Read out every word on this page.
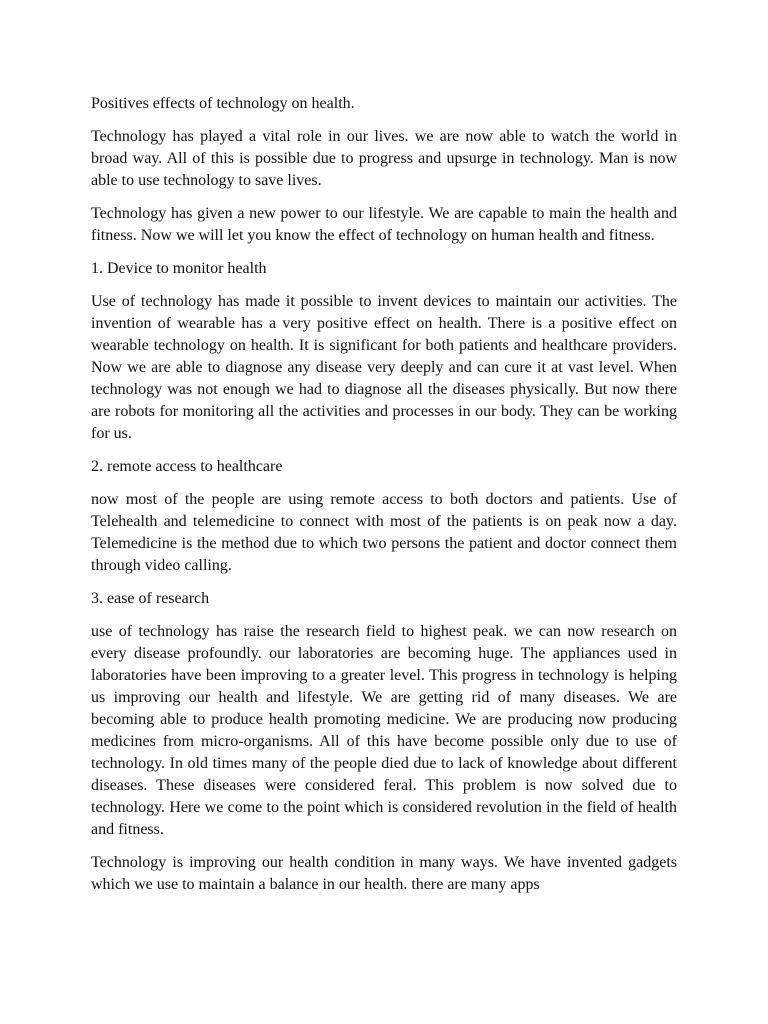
Positives effects of technology on health.

Technology has played a vital role in our lives. we are now able to watch the world in broad way. All of this is possible due to progress and upsurge in technology. Man is now able to use technology to save lives.

Technology has given a new power to our lifestyle. We are capable to main the health and fitness. Now we will let you know the effect of technology on human health and fitness.

1. Device to monitor health

Use of technology has made it possible to invent devices to maintain our activities. The invention of wearable has a very positive effect on health. There is a positive effect on wearable technology on health. It is significant for both patients and healthcare providers. Now we are able to diagnose any disease very deeply and can cure it at vast level. When technology was not enough we had to diagnose all the diseases physically. But now there are robots for monitoring all the activities and processes in our body. They can be working for us.

2. remote access to healthcare

now most of the people are using remote access to both doctors and patients. Use of Telehealth and telemedicine to connect with most of the patients is on peak now a day. Telemedicine is the method due to which two persons the patient and doctor connect them through video calling.

3. ease of research

use of technology has raise the research field to highest peak. we can now research on every disease profoundly. our laboratories are becoming huge. The appliances used in laboratories have been improving to a greater level. This progress in technology is helping us improving our health and lifestyle. We are getting rid of many diseases. We are becoming able to produce health promoting medicine. We are producing now producing medicines from micro-organisms. All of this have become possible only due to use of technology. In old times many of the people died due to lack of knowledge about different diseases. These diseases were considered feral. This problem is now solved due to technology. Here we come to the point which is considered revolution in the field of health and fitness.

Technology is improving our health condition in many ways. We have invented gadgets which we use to maintain a balance in our health. there are many apps
